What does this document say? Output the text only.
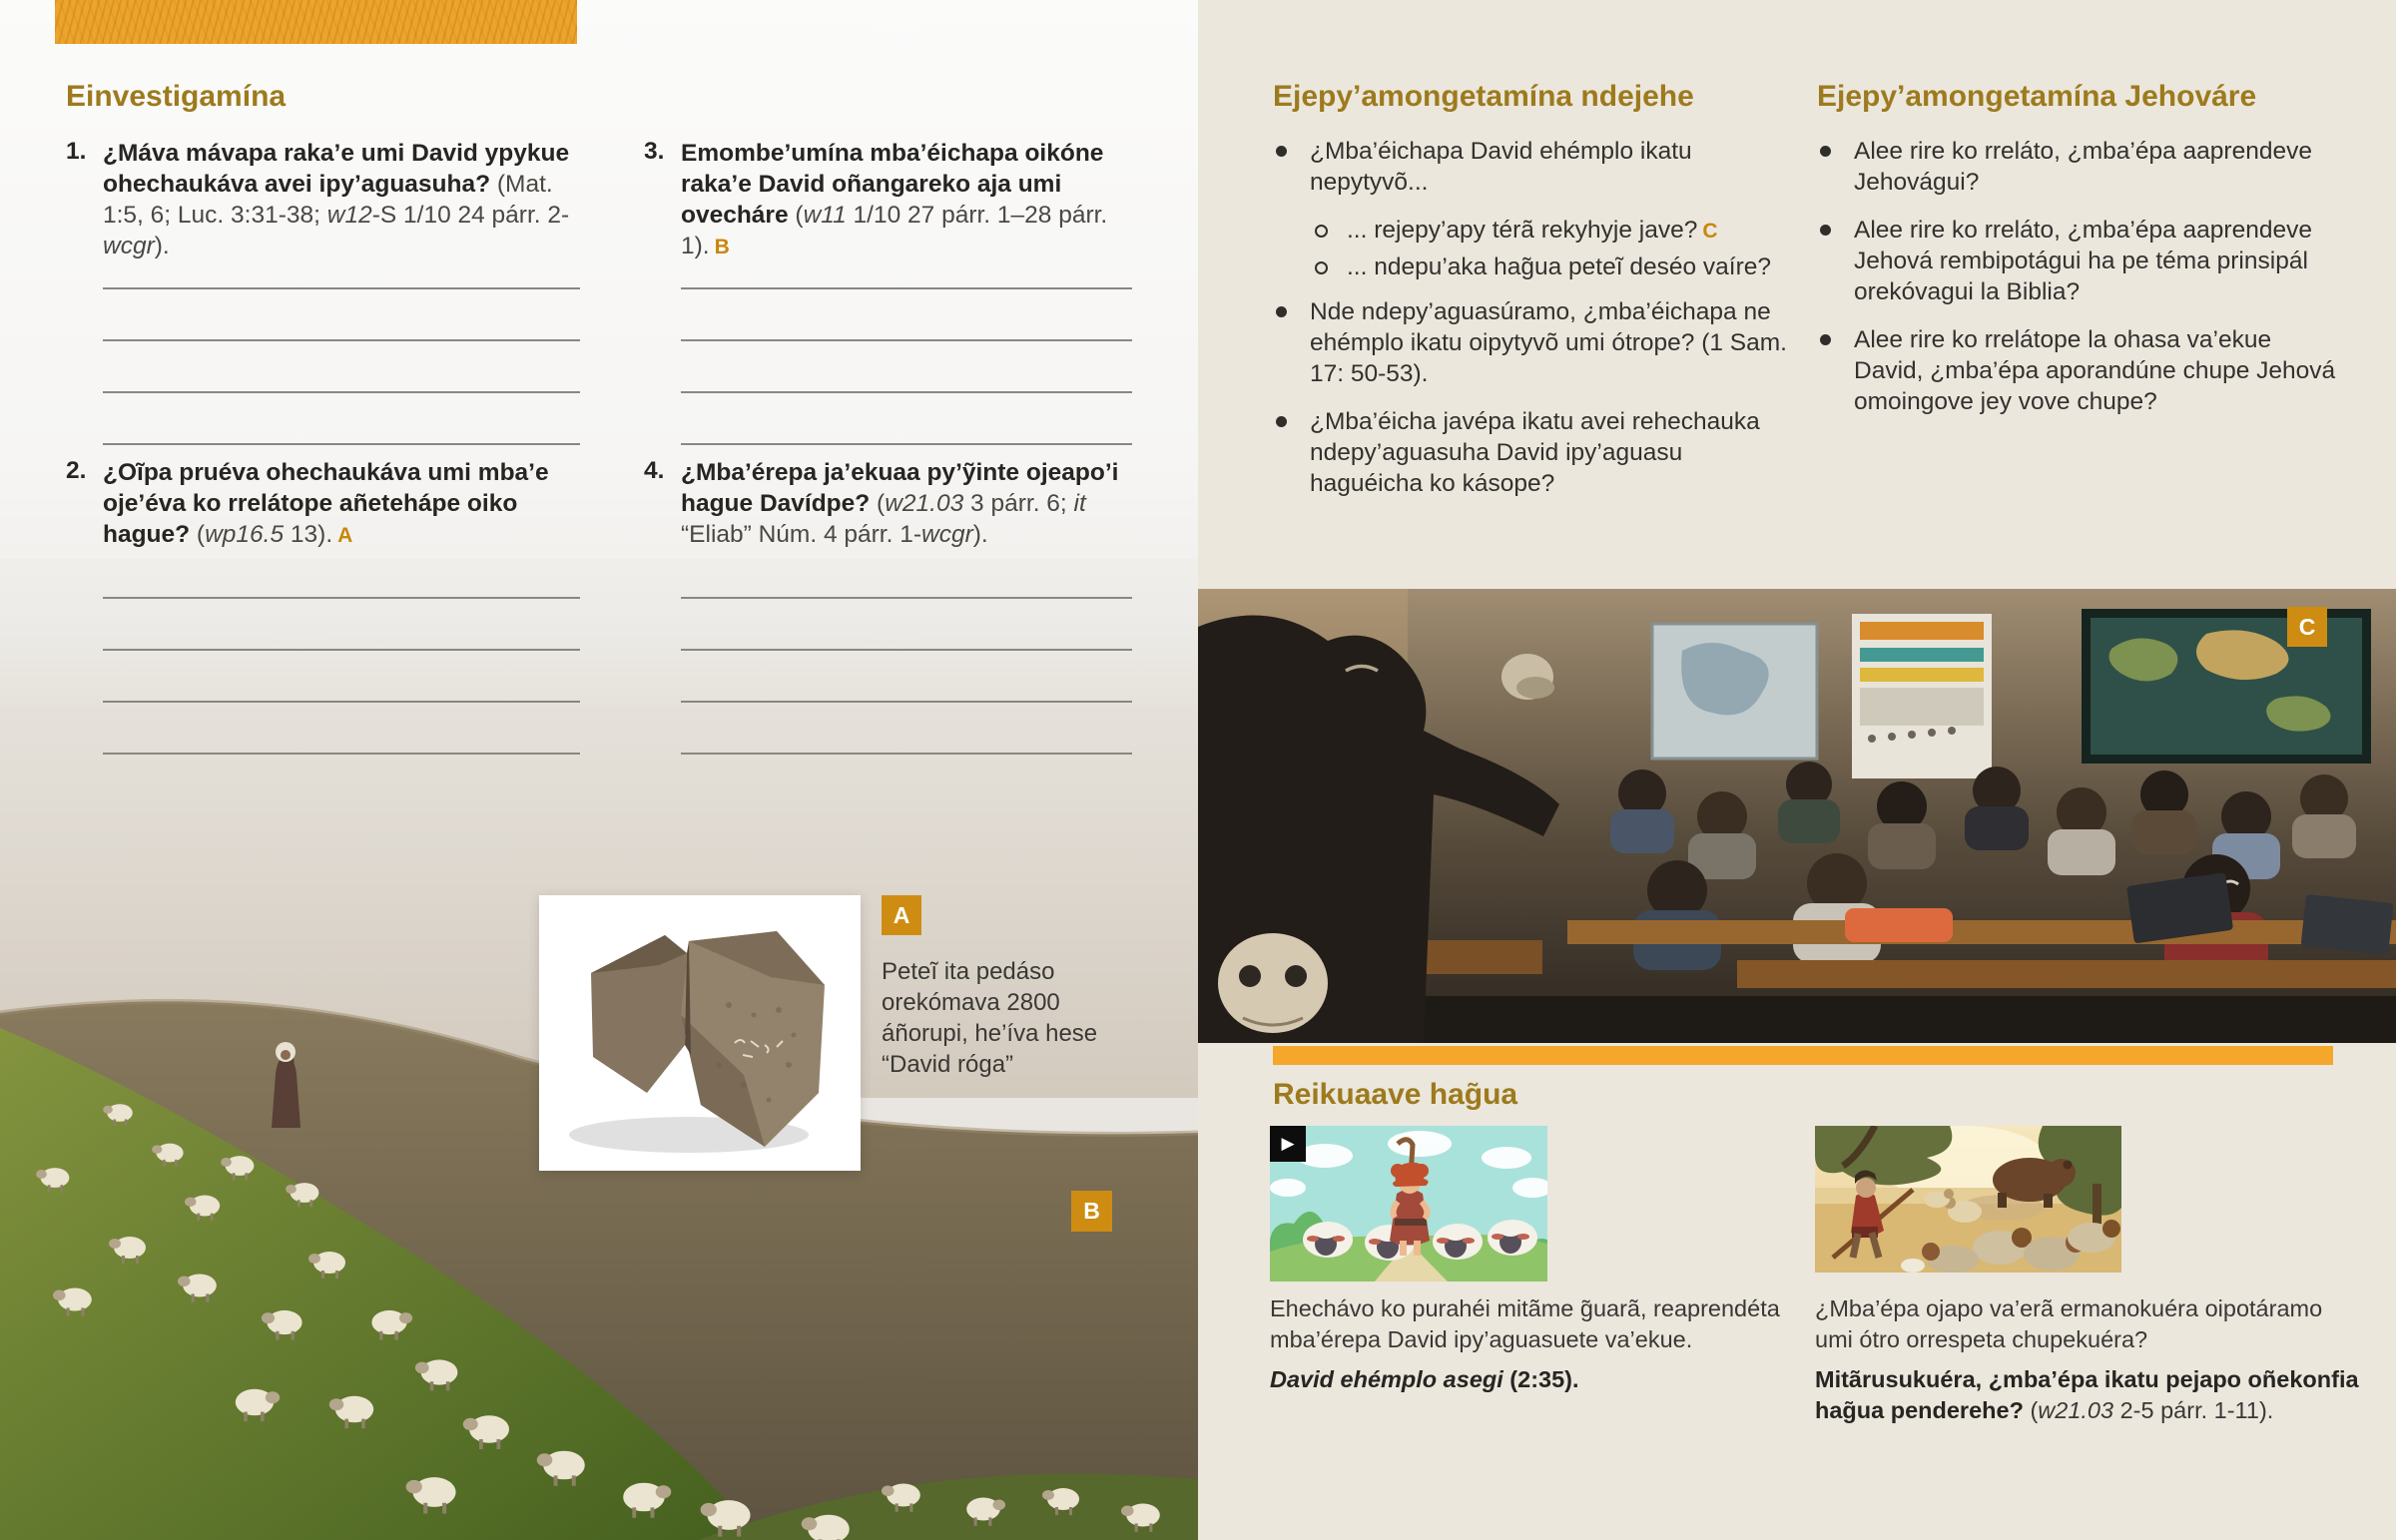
Einvestigamína
1. ¿Máva mávapa raka’e umi David ypykue ohechaukáva avei ipy’aguasuha? (Mat. 1:5, 6; Luc. 3:31-38; w12-S 1/10 24 párr. 2-wcgr).

2. ¿Oĩpa pruéva ohechaukáva umi mba’e oje’éva ko rrelátope añetehápe oiko hague? (wp16.5 13). A

3. Emombe’umína mba’éichapa oikóne raka’e David oñangareko aja umi ovecháre (w11 1/10 27 párr. 1–28 párr. 1). B

4. ¿Mba’érepa ja’ekuaa py’ỹinte ojeapo’i hague Davídpe? (w21.03 3 párr. 6; it “Eliab” Núm. 4 párr. 1-wcgr).

A

Peteĩ ita pedáso orekómava 2800 áñorupi, he’íva hese “David róga”

B
Ejepy’amongetamína ndejehe

¿Mba’éichapa David ehémplo ikatu nepytyvõ...

... rejepy’apy térã rekyhyje jave? C

... ndepu’aka hag̃ua peteĩ deséo vaíre?

Nde ndepy’aguasúramo, ¿mba’éichapa ne ehémplo ikatu oipytyvõ umi ótrope? (1 Sam. 17: 50-53).

¿Mba’éicha javépa ikatu avei rehechauka ndepy’aguasuha David ipy’aguasu haguéicha ko kásope?

Ejepy’amongetamína Jehováre

Alee rire ko rreláto, ¿mba’épa aaprendeve Jehovágui?

Alee rire ko rreláto, ¿mba’épa aaprendeve Jehová rembipotágui ha pe téma prinsipál orekóvagui la Biblia?

Alee rire ko rrelátope la ohasa va’ekue David, ¿mba’épa aporandúne chupe Jehová omoingove jey vove chupe?

C
Reikuaave hag̃ua
▶

Ehechávo ko purahéi mitãme g̃uarã, reaprendéta mba’érepa David ipy’aguasuete va’ekue.

David ehémplo asegi (2:35).

¿Mba’épa ojapo va’erã ermanokuéra oipotáramo umi ótro orrespeta chupekuéra?

Mitãrusukuéra, ¿mba’épa ikatu pejapo oñekonfia hag̃ua penderehe? (w21.03 2-5 párr. 1-11).
